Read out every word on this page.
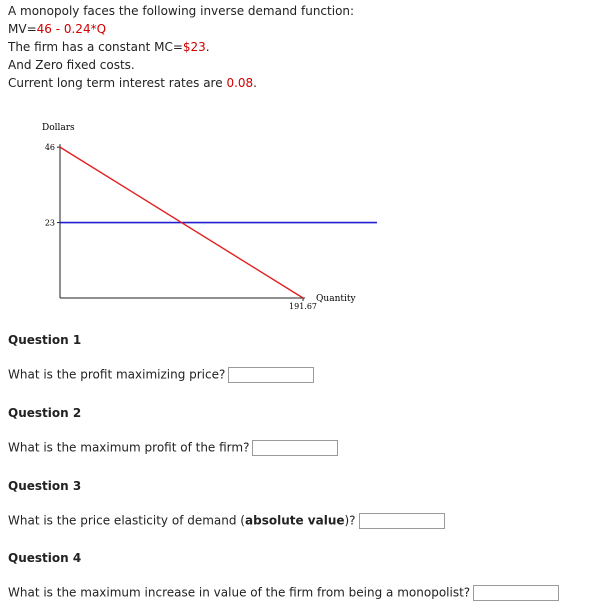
A monopoly faces the following inverse demand function:
MV=46 - 0.24*Q
The firm has a constant MC=$23.
And Zero fixed costs.
Current long term interest rates are 0.08.
Dollars
46
23
191.67
Quantity
Question 1
What is the profit maximizing price?
Question 2
What is the maximum profit of the firm?
Question 3
What is the price elasticity of demand (absolute value)?
Question 4
What is the maximum increase in value of the firm from being a monopolist?
